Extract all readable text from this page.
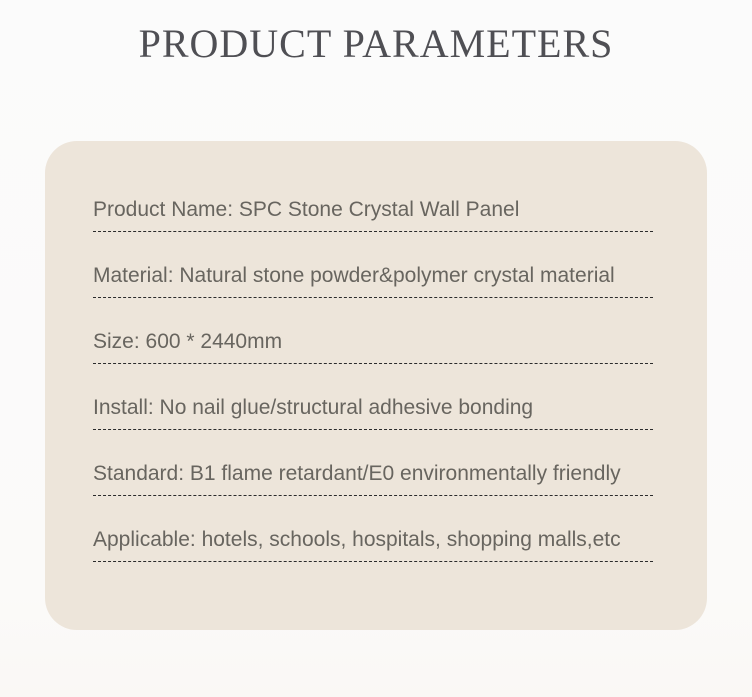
PRODUCT PARAMETERS
Product Name: SPC Stone Crystal Wall Panel
Material: Natural stone powder&polymer crystal material
Size: 600 * 2440mm
Install: No nail glue/structural adhesive bonding
Standard: B1 flame retardant/E0 environmentally friendly
Applicable: hotels, schools, hospitals, shopping malls,etc
